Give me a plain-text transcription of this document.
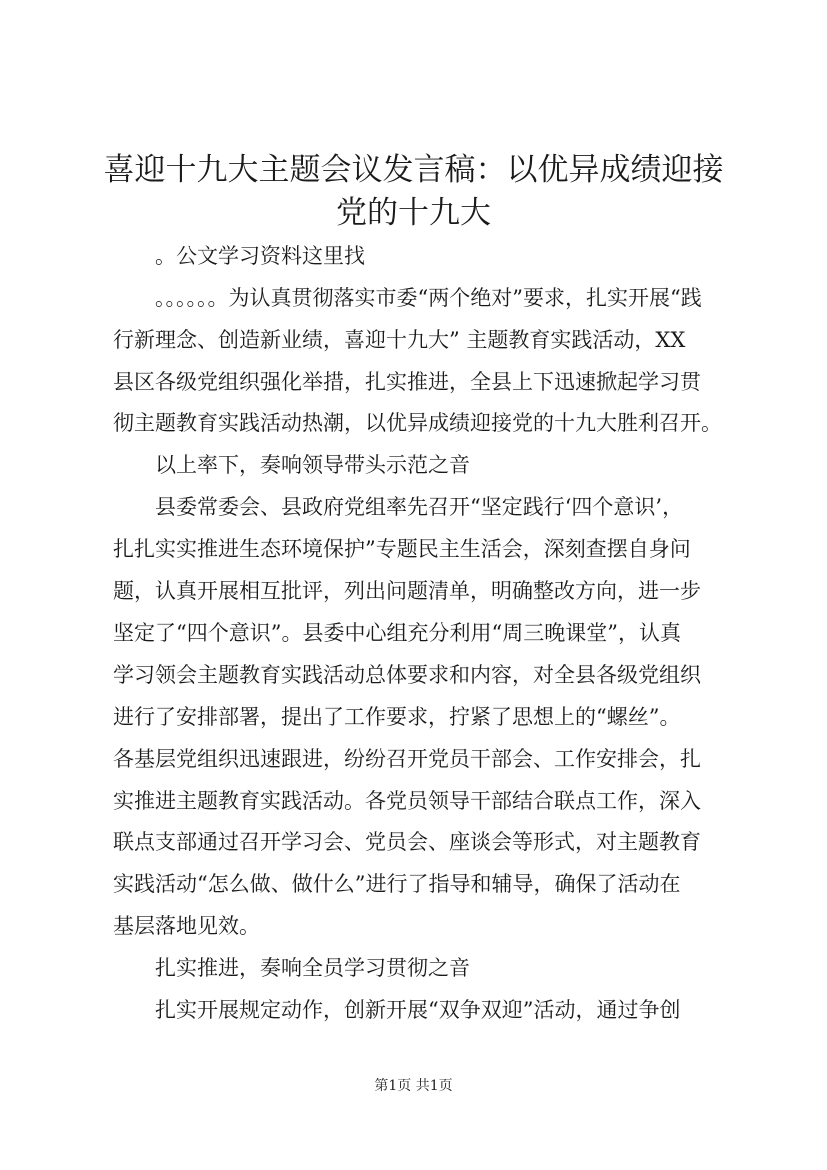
喜迎十九大主题会议发言稿：以优异成绩迎接
党的十九大

。公文学习资料这里找

。。。。。。为认真贯彻落实市委“两个绝对”要求，扎实开展“践

行新理念、创造新业绩，喜迎十九大” 主题教育实践活动，XX

县区各级党组织强化举措，扎实推进，全县上下迅速掀起学习贯

彻主题教育实践活动热潮，以优异成绩迎接党的十九大胜利召开。

以上率下，奏响领导带头示范之音

县委常委会、县政府党组率先召开“坚定践行‘四个意识’，

扎扎实实推进生态环境保护”专题民主生活会，深刻查摆自身问

题，认真开展相互批评，列出问题清单，明确整改方向，进一步

坚定了“四个意识”。县委中心组充分利用“周三晚课堂”，认真

学习领会主题教育实践活动总体要求和内容，对全县各级党组织

进行了安排部署，提出了工作要求，拧紧了思想上的“螺丝”。

各基层党组织迅速跟进，纷纷召开党员干部会、工作安排会，扎

实推进主题教育实践活动。各党员领导干部结合联点工作，深入

联点支部通过召开学习会、党员会、座谈会等形式，对主题教育

实践活动“怎么做、做什么”进行了指导和辅导，确保了活动在

基层落地见效。

扎实推进，奏响全员学习贯彻之音

扎实开展规定动作，创新开展“双争双迎”活动，通过争创

第1页 共1页
